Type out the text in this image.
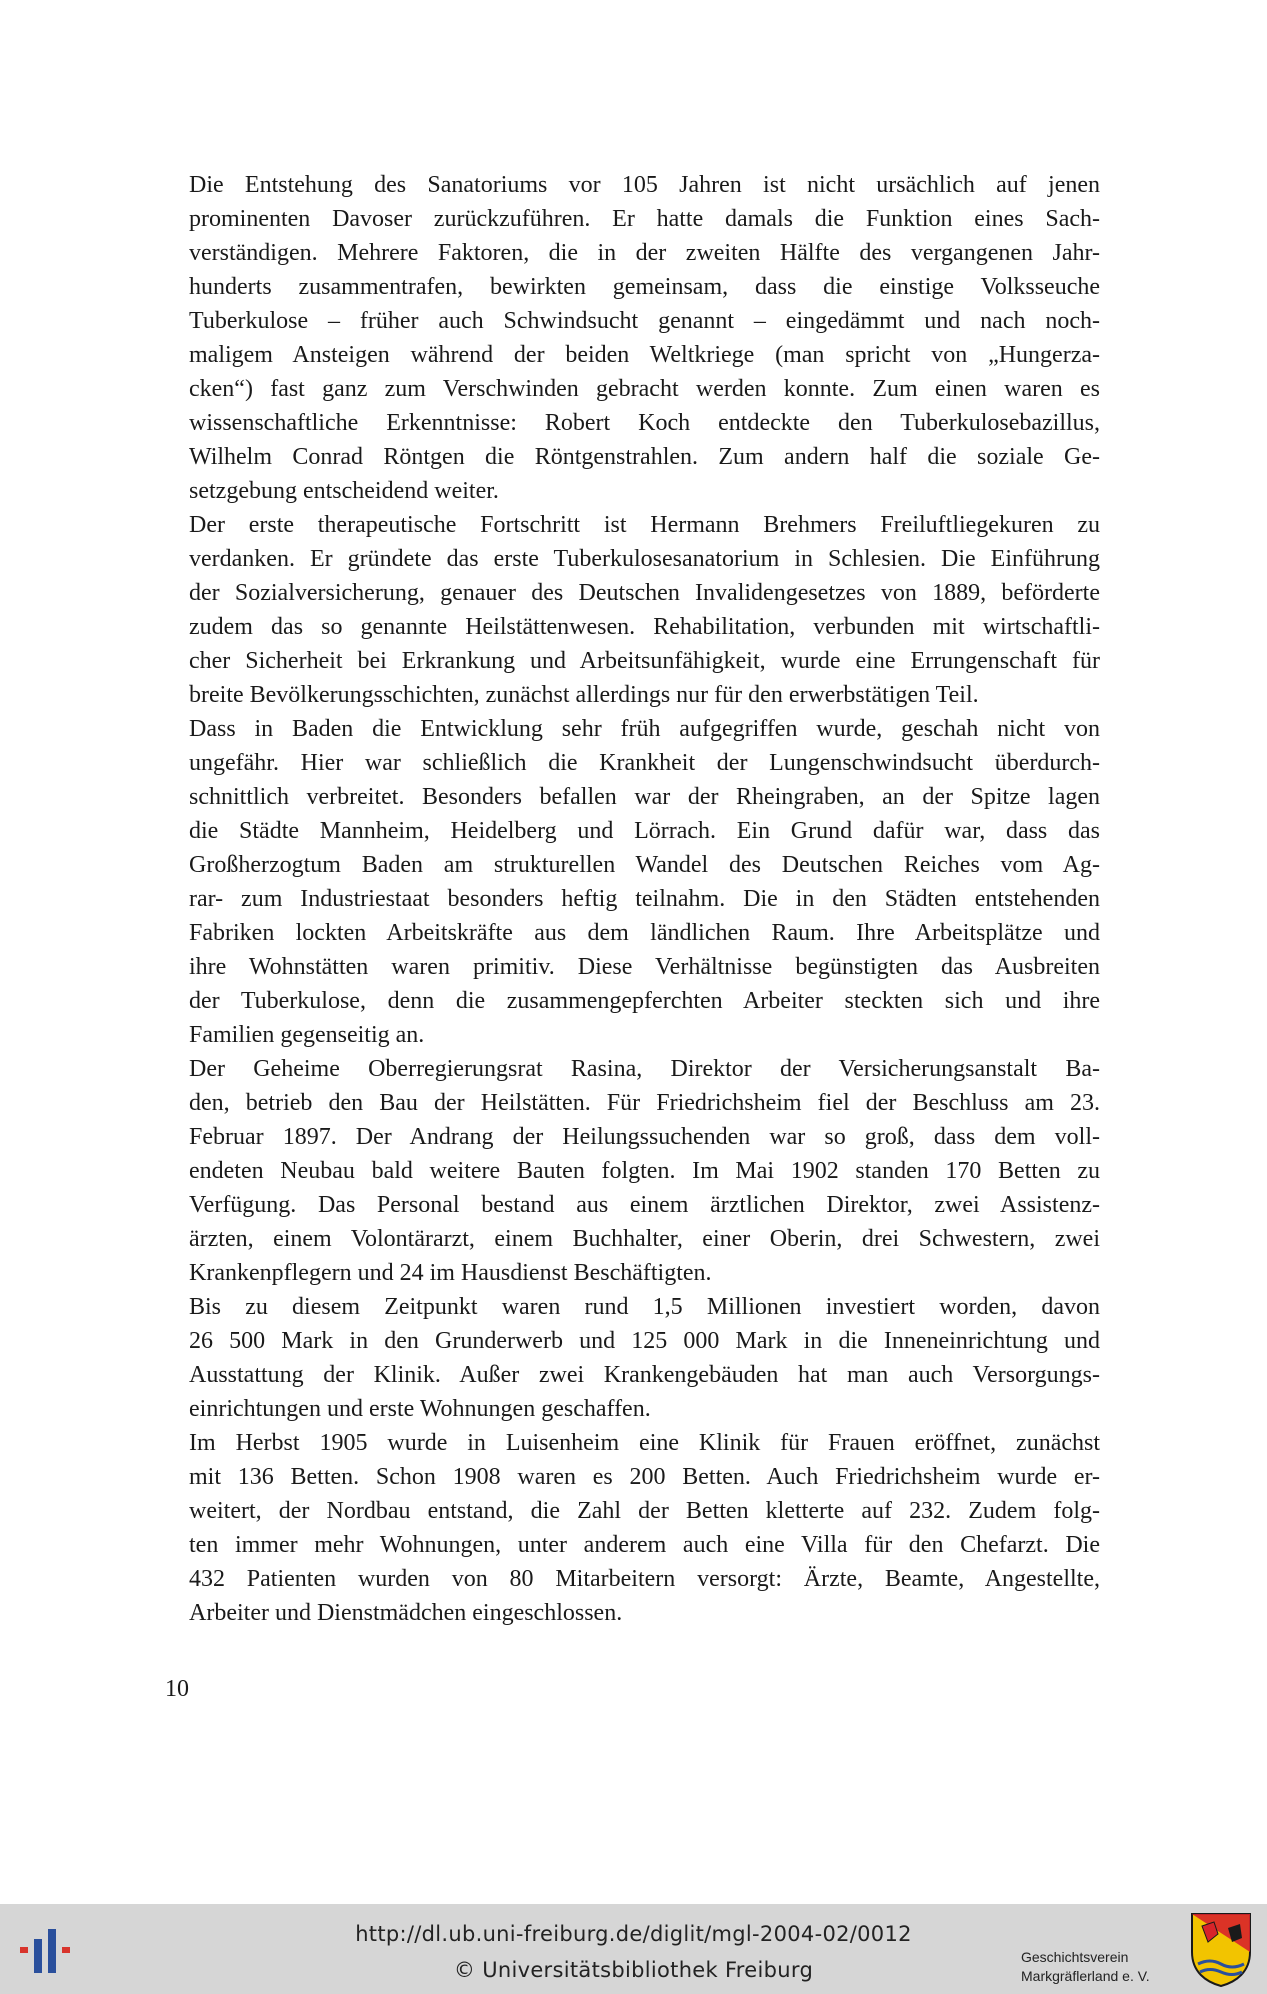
Die Entstehung des Sanatoriums vor 105 Jahren ist nicht ursächlich auf jenen
prominenten Davoser zurückzuführen. Er hatte damals die Funktion eines Sach-
verständigen. Mehrere Faktoren, die in der zweiten Hälfte des vergangenen Jahr-
hunderts zusammentrafen, bewirkten gemeinsam, dass die einstige Volksseuche
Tuberkulose – früher auch Schwindsucht genannt – eingedämmt und nach noch-
maligem Ansteigen während der beiden Weltkriege (man spricht von „Hungerza-
cken“) fast ganz zum Verschwinden gebracht werden konnte. Zum einen waren es
wissenschaftliche Erkenntnisse: Robert Koch entdeckte den Tuberkulosebazillus,
Wilhelm Conrad Röntgen die Röntgenstrahlen. Zum andern half die soziale Ge-
setzgebung entscheidend weiter.

Der erste therapeutische Fortschritt ist Hermann Brehmers Freiluftliegekuren zu
verdanken. Er gründete das erste Tuberkulosesanatorium in Schlesien. Die Einführung
der Sozialversicherung, genauer des Deutschen Invalidengesetzes von 1889, beförderte
zudem das so genannte Heilstättenwesen. Rehabilitation, verbunden mit wirtschaftli-
cher Sicherheit bei Erkrankung und Arbeitsunfähigkeit, wurde eine Errungenschaft für
breite Bevölkerungsschichten, zunächst allerdings nur für den erwerbstätigen Teil.

Dass in Baden die Entwicklung sehr früh aufgegriffen wurde, geschah nicht von
ungefähr. Hier war schließlich die Krankheit der Lungenschwindsucht überdurch-
schnittlich verbreitet. Besonders befallen war der Rheingraben, an der Spitze lagen
die Städte Mannheim, Heidelberg und Lörrach. Ein Grund dafür war, dass das
Großherzogtum Baden am strukturellen Wandel des Deutschen Reiches vom Ag-
rar- zum Industriestaat besonders heftig teilnahm. Die in den Städten entstehenden
Fabriken lockten Arbeitskräfte aus dem ländlichen Raum. Ihre Arbeitsplätze und
ihre Wohnstätten waren primitiv. Diese Verhältnisse begünstigten das Ausbreiten
der Tuberkulose, denn die zusammengepferchten Arbeiter steckten sich und ihre
Familien gegenseitig an.

Der Geheime Oberregierungsrat Rasina, Direktor der Versicherungsanstalt Ba-
den, betrieb den Bau der Heilstätten. Für Friedrichsheim fiel der Beschluss am 23.
Februar 1897. Der Andrang der Heilungssuchenden war so groß, dass dem voll-
endeten Neubau bald weitere Bauten folgten. Im Mai 1902 standen 170 Betten zu
Verfügung. Das Personal bestand aus einem ärztlichen Direktor, zwei Assistenz-
ärzten, einem Volontärarzt, einem Buchhalter, einer Oberin, drei Schwestern, zwei
Krankenpflegern und 24 im Hausdienst Beschäftigten.

Bis zu diesem Zeitpunkt waren rund 1,5 Millionen investiert worden, davon
26 500 Mark in den Grunderwerb und 125 000 Mark in die Inneneinrichtung und
Ausstattung der Klinik. Außer zwei Krankengebäuden hat man auch Versorgungs-
einrichtungen und erste Wohnungen geschaffen.

Im Herbst 1905 wurde in Luisenheim eine Klinik für Frauen eröffnet, zunächst
mit 136 Betten. Schon 1908 waren es 200 Betten. Auch Friedrichsheim wurde er-
weitert, der Nordbau entstand, die Zahl der Betten kletterte auf 232. Zudem folg-
ten immer mehr Wohnungen, unter anderem auch eine Villa für den Chefarzt. Die
432 Patienten wurden von 80 Mitarbeitern versorgt: Ärzte, Beamte, Angestellte,
Arbeiter und Dienstmädchen eingeschlossen.

10
http://dl.ub.uni-freiburg.de/diglit/mgl-2004-02/0012
© Universitätsbibliothek Freiburg
Geschichtsverein
Markgräflerland e. V.
